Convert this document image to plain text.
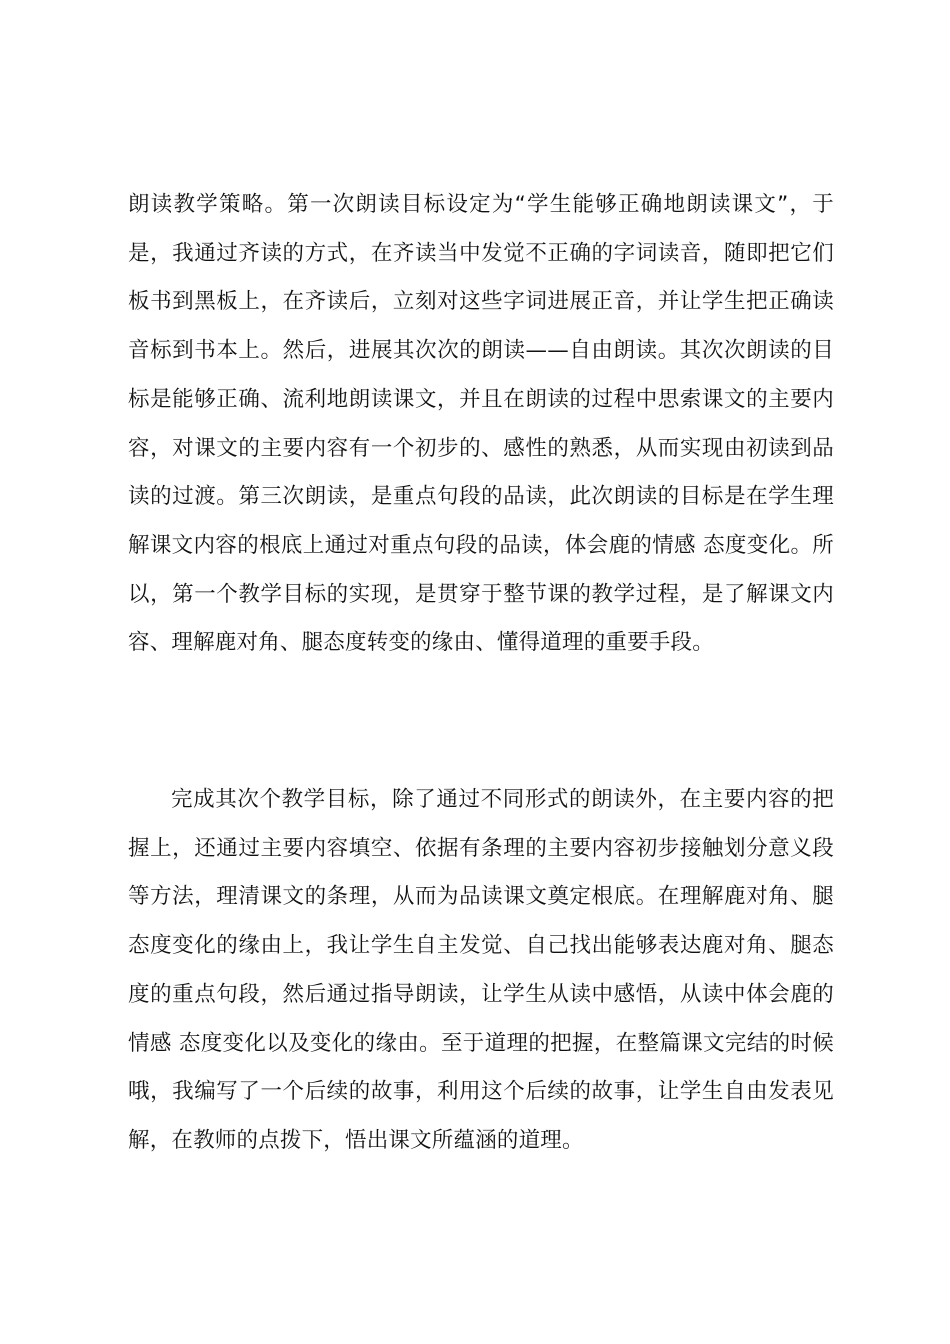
朗读教学策略。第一次朗读目标设定为“学生能够正确地朗读课文”，于是，我通过齐读的方式，在齐读当中发觉不正确的字词读音，随即把它们板书到黑板上，在齐读后，立刻对这些字词进展正音，并让学生把正确读音标到书本上。然后，进展其次次的朗读——自由朗读。其次次朗读的目标是能够正确、流利地朗读课文，并且在朗读的过程中思索课文的主要内容，对课文的主要内容有一个初步的、感性的熟悉，从而实现由初读到品读的过渡。第三次朗读，是重点句段的品读，此次朗读的目标是在学生理解课文内容的根底上通过对重点句段的品读，体会鹿的情感 态度变化。所以，第一个教学目标的实现，是贯穿于整节课的教学过程，是了解课文内容、理解鹿对角、腿态度转变的缘由、懂得道理的重要手段。

完成其次个教学目标，除了通过不同形式的朗读外，在主要内容的把握上，还通过主要内容填空、依据有条理的主要内容初步接触划分意义段等方法，理清课文的条理，从而为品读课文奠定根底。在理解鹿对角、腿态度变化的缘由上，我让学生自主发觉、自己找出能够表达鹿对角、腿态度的重点句段，然后通过指导朗读，让学生从读中感悟，从读中体会鹿的情感 态度变化以及变化的缘由。至于道理的把握，在整篇课文完结的时候哦，我编写了一个后续的故事，利用这个后续的故事，让学生自由发表见解，在教师的点拨下，悟出课文所蕴涵的道理。
